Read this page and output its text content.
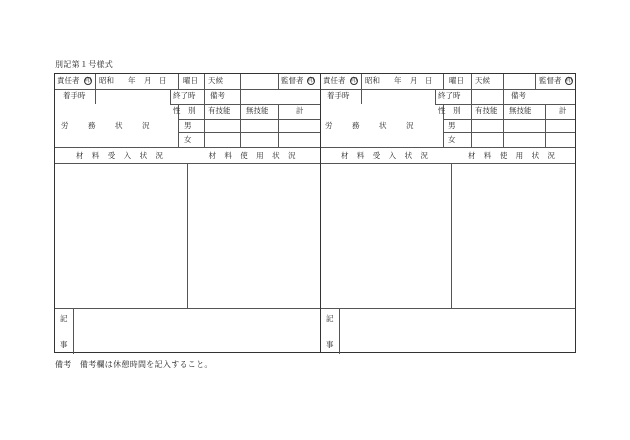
別記第１号様式
責任者 印 昭和 年 月 日 曜日 天候	監督者 印
着手時	終了時 備考
労　務　状　況
性　別 有技能 無技能	計
男
女
材 料 受 入 状 況	材 料 使 用 状 況
記
事
責任者 印 昭和 年 月 日 曜日 天候	監督者 印
着手時	終了時	備考
労　務　状　況
性　別 有技能 無技能	計
男
女
材 料 受 入 状 況	材 料 使 用 状 況
記
事
備考　備考欄は休憩時間を記入すること。
